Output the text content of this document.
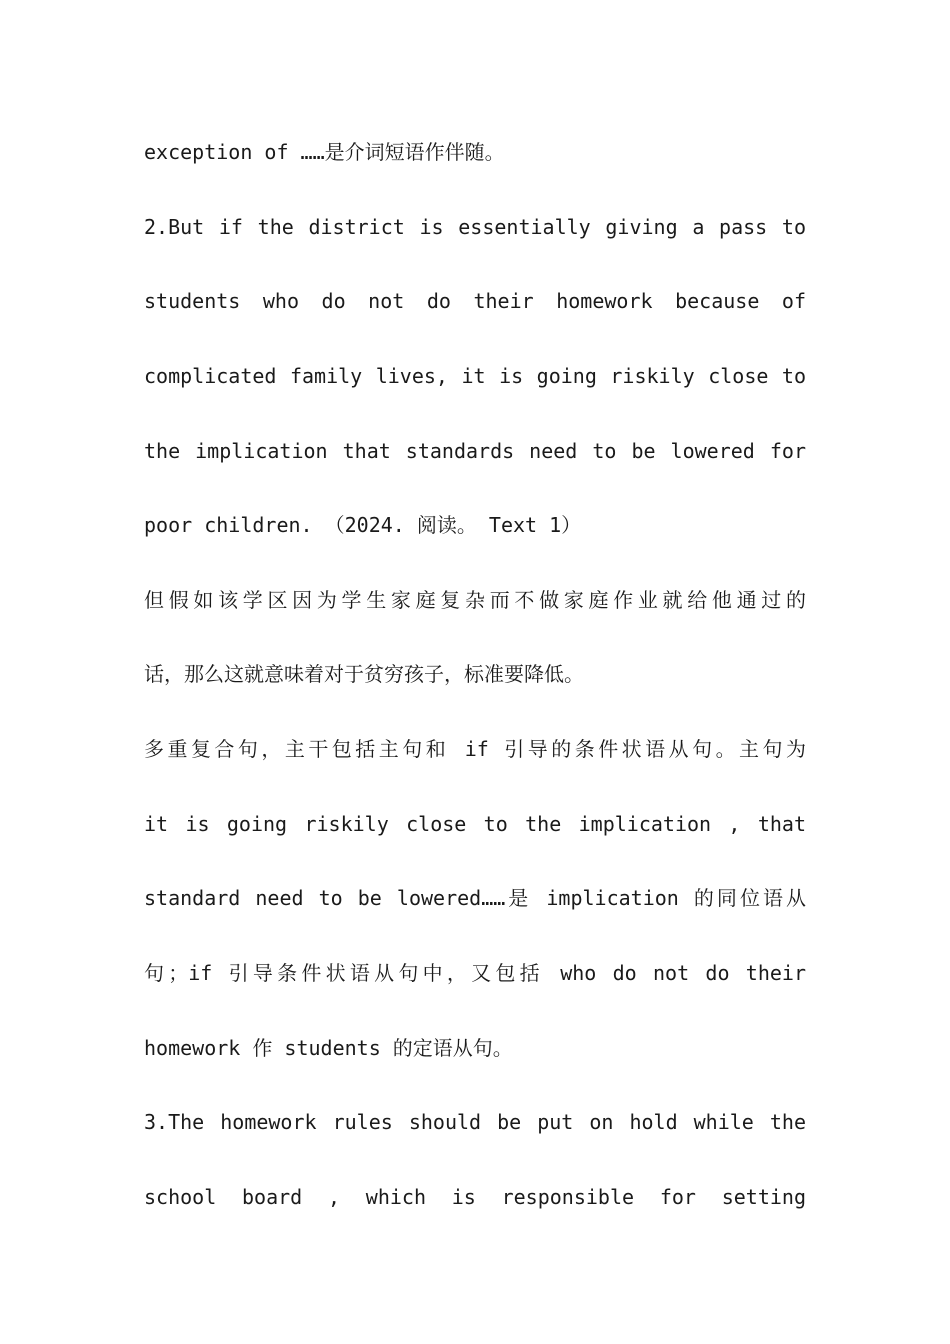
exception of ……是介词短语作伴随。
2.But if the district is essentially giving a pass to
students who do not do their homework because of
complicated family lives, it is going riskily close to
the implication that standards need to be lowered for
poor children. （2024. 阅读。 Text 1）
但假如该学区因为学生家庭复杂而不做家庭作业就给他通过的
话，那么这就意味着对于贫穷孩子，标准要降低。
多重复合句，主干包括主句和 if 引导的条件状语从句。主句为
it is going riskily close to the implication , that
standard need to be lowered……是 implication 的同位语从
句；if 引导条件状语从句中，又包括 who do not do their
homework 作 students 的定语从句。
3.The homework rules should be put on hold while the
school board , which is responsible for setting
